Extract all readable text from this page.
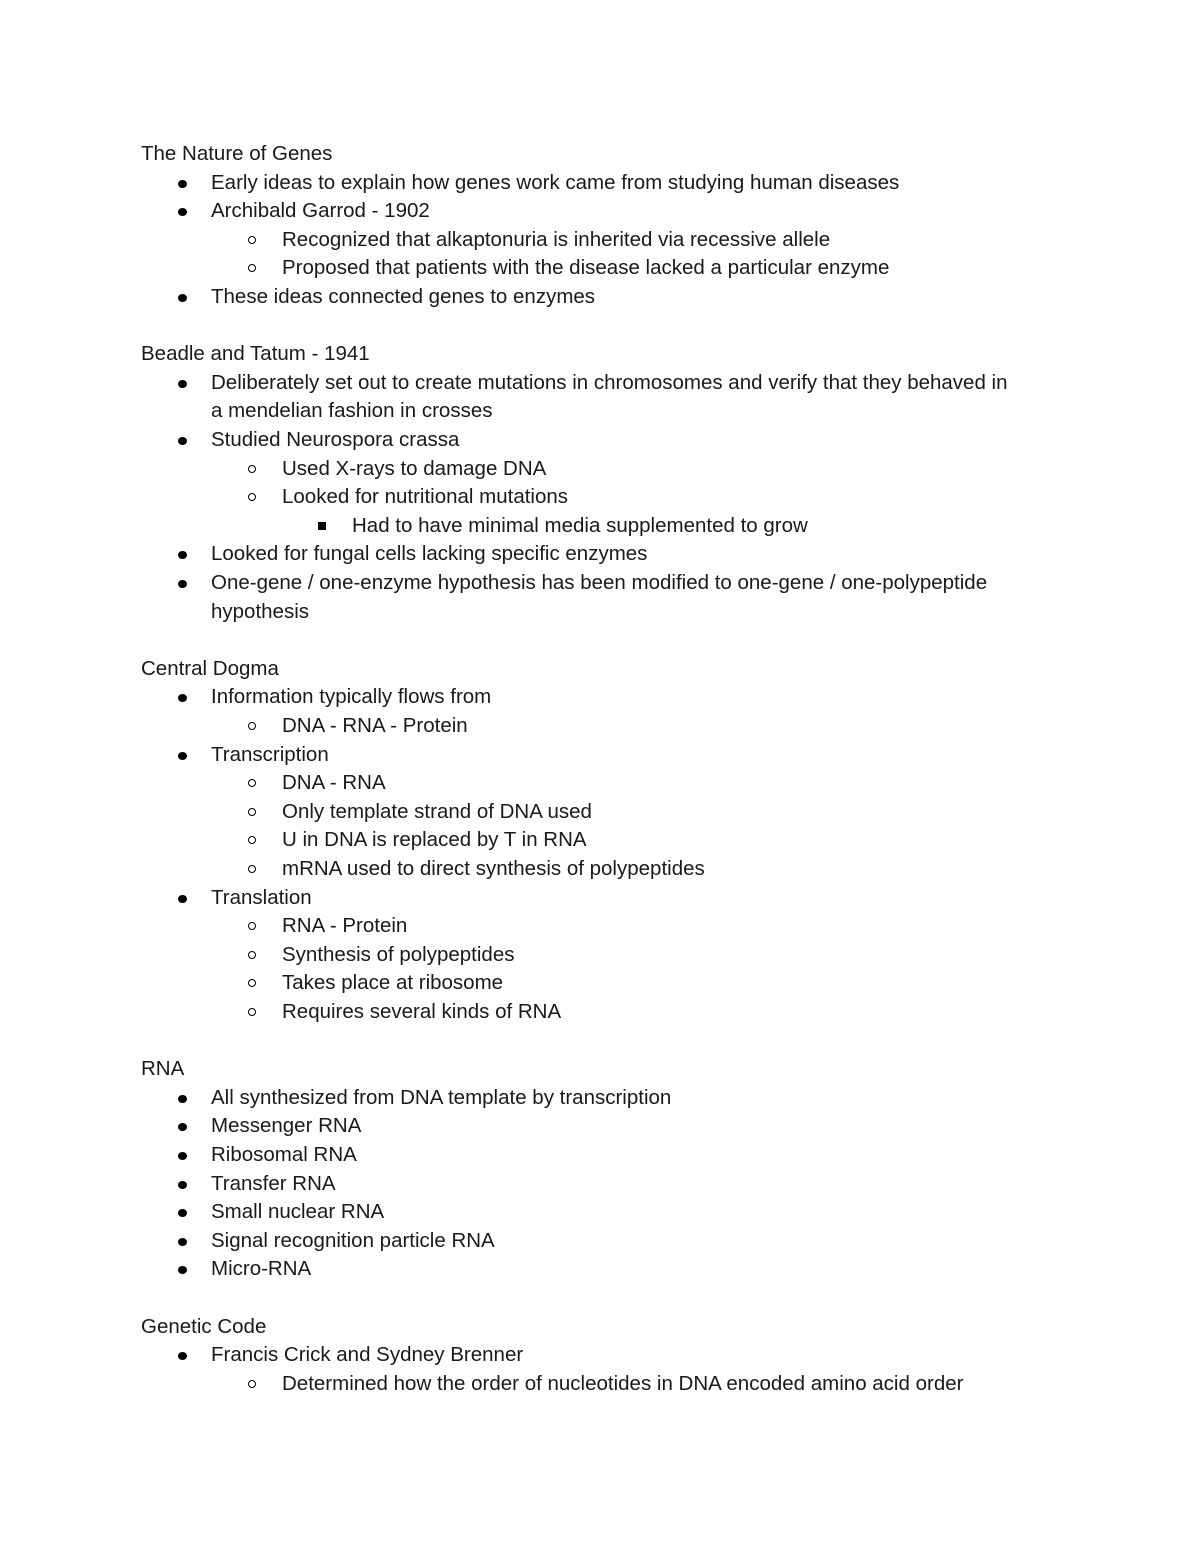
The Nature of Genes
Early ideas to explain how genes work came from studying human diseases
Archibald Garrod - 1902
Recognized that alkaptonuria is inherited via recessive allele
Proposed that patients with the disease lacked a particular enzyme
These ideas connected genes to enzymes
Beadle and Tatum - 1941
Deliberately set out to create mutations in chromosomes and verify that they behaved in
a mendelian fashion in crosses
Studied Neurospora crassa
Used X-rays to damage DNA
Looked for nutritional mutations
Had to have minimal media supplemented to grow
Looked for fungal cells lacking specific enzymes
One-gene / one-enzyme hypothesis has been modified to one-gene / one-polypeptide
hypothesis
Central Dogma
Information typically flows from
DNA - RNA - Protein
Transcription
DNA - RNA
Only template strand of DNA used
U in DNA is replaced by T in RNA
mRNA used to direct synthesis of polypeptides
Translation
RNA - Protein
Synthesis of polypeptides
Takes place at ribosome
Requires several kinds of RNA
RNA
All synthesized from DNA template by transcription
Messenger RNA
Ribosomal RNA
Transfer RNA
Small nuclear RNA
Signal recognition particle RNA
Micro-RNA
Genetic Code
Francis Crick and Sydney Brenner
Determined how the order of nucleotides in DNA encoded amino acid order
